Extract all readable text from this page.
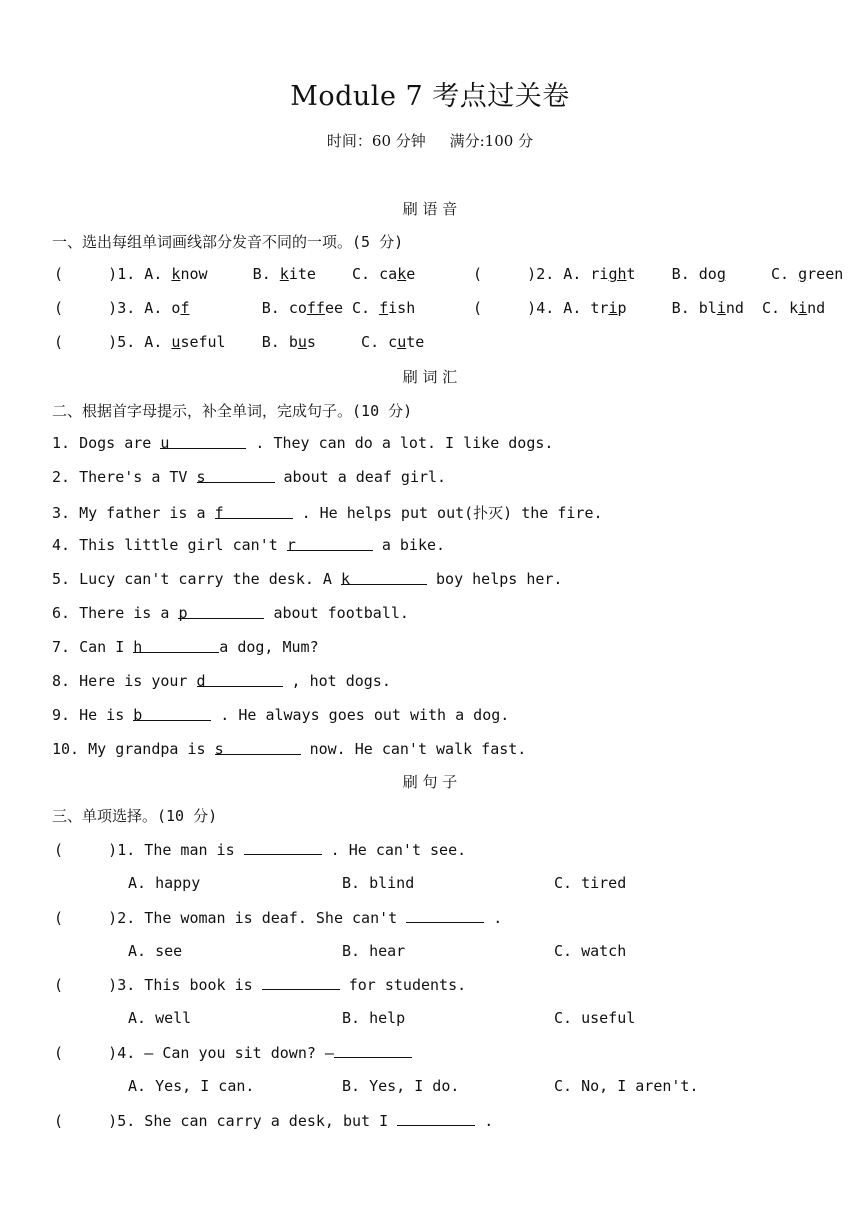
Module 7 考点过关卷
时间：60 分钟     满分:100 分
刷 语 音
一、选出每组单词画线部分发音不同的一项。(5 分)
(     )1. A. know     B. kite    C. cake	(     )2. A. right    B. dog     C. green
(     )3. A. of        B. coffee C. fish	(     )4. A. trip     B. blind  C. kind
(     )5. A. useful    B. bus     C. cute
刷 词 汇
二、根据首字母提示，补全单词，完成句子。(10 分)
1. Dogs are u	. They can do a lot. I like dogs.
2. There's a TV s	about a deaf girl.
3. My father is a f	. He helps put out(扑灭) the fire.
4. This little girl can't r	a bike.
5. Lucy can't carry the desk. A k	boy helps her.
6. There is a p	about football.
7. Can I h	a dog, Mum?
8. Here is your d	, hot dogs.
9. He is b	. He always goes out with a dog.
10. My grandpa is s	now. He can't walk fast.
刷 句 子
三、单项选择。(10 分)
(     )1. The man is	. He can't see.
A. happy	B. blind	C. tired
(     )2. The woman is deaf. She can't	.
A. see	B. hear	C. watch
(     )3. This book is	for students.
A. well	B. help	C. useful
(     )4. — Can you sit down? —
A. Yes, I can.	B. Yes, I do.	C. No, I aren't.
(     )5. She can carry a desk, but I	.
